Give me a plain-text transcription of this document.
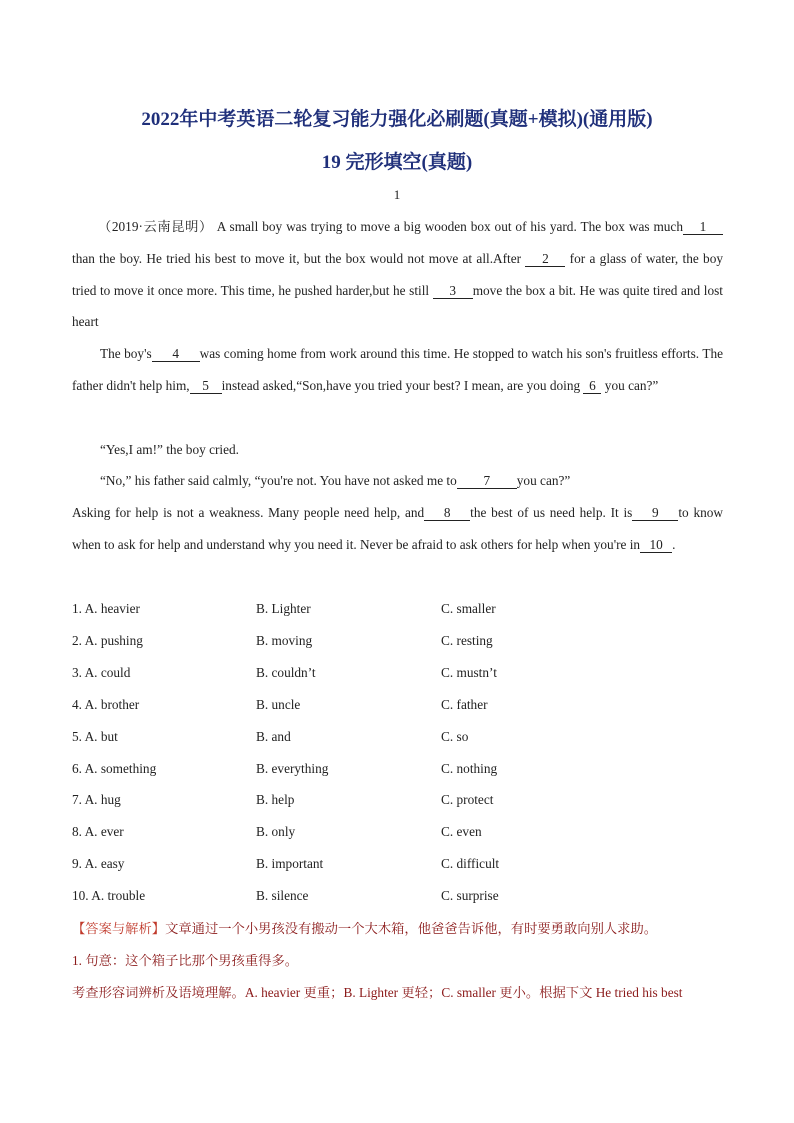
2022年中考英语二轮复习能力强化必刷题(真题+模拟)(通用版)
19 完形填空(真题)
1
（2019·云南昆明） A small boy was trying to move a big wooden box out of his yard. The box was much 1than the boy. He tried his best to move it, but the box would not move at all.After 2 for a glass of water, the boy tried to move it once more. This time, he pushed harder,but he still 3 move the box a bit. He was quite tired and lost heart
The boy's 4 was coming home from work around this time. He stopped to watch his son's fruitless efforts. The father didn't help him, 5 instead asked,“Son,have you tried your best? I mean, are you doing 6 you can?”
“Yes,I am!” the boy cried.
“No,” his father said calmly, “you're not. You have not asked me to 7 you can?”
Asking for help is not a weakness. Many people need help, and 8 the best of us need help. It is 9 to know when to ask for help and understand why you need it. Never be afraid to ask others for help when you're in 10 .
1. A. heavier	B. Lighter	C. smaller
2. A. pushing	B. moving	C. resting
3. A. could	B. couldn’t	C. mustn’t
4. A. brother	B. uncle	C. father
5. A. but	B. and	C. so
6. A. something	B. everything	C. nothing
7. A. hug	B. help	C. protect
8. A. ever	B. only	C. even
9. A. easy	B. important	C. difficult
10. A. trouble	B. silence	C. surprise
【答案与解析】文章通过一个小男孩没有搬动一个大木箱，他爸爸告诉他，有时要勇敢向别人求助。
1. 句意：这个箱子比那个男孩重得多。
考查形容词辨析及语境理解。A. heavier 更重；B. Lighter 更轻；C. smaller 更小。根据下文 He tried his best
